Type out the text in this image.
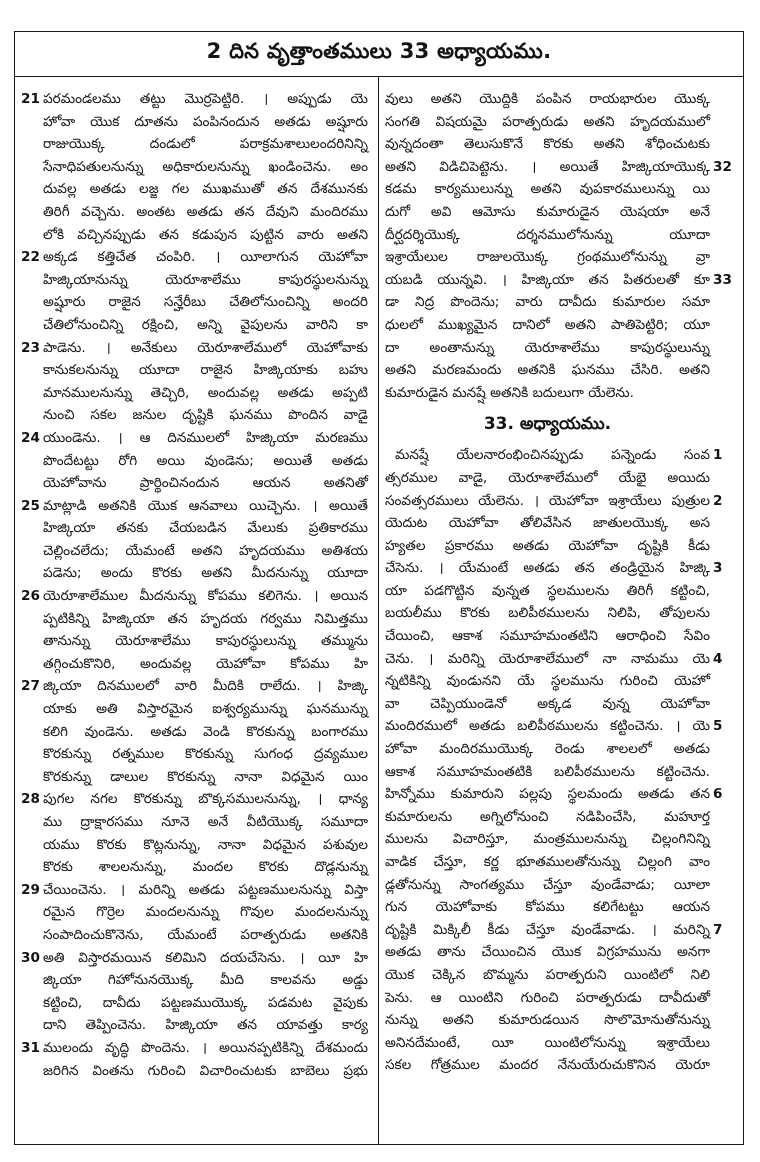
2 దిన వృత్తాంతములు 33 అధ్యాయము.
21 పరమండలము తట్టు మొర్రపెట్టిరి. । అప్పుడు యె
హోవా యొక దూతను పంపినందున అతడు అష్షూరు
రాజుయొక్క దండులో పరాక్రమశాలులందరినిన్ని
సేనాధిపతులనున్ను అధికారులనున్ను ఖండించెను. అం
దువల్ల అతడు లజ్జ గల ముఖముతో తన దేశమునకు
తిరిగీ వచ్చెను. అంతట అతడు తన దేవుని మందిరము
లోకి వచ్చినప్పుడు తన కడుపున పుట్టిన వారు అతని
22 అక్కడ కత్తిచేత చంపిరి. । యీలాగున యెహోవా
హిజ్కియానున్ను యెరూశాలేము కాపురస్థులనున్ను
అష్షూరు రాజైన సన్హేరీబు చేతిలోనుంచిన్ని అందరి
చేతిలోనుంచిన్ని రక్షించి, అన్ని వైపులను వారిని కా
23 పాడెను. । అనేకులు యెరూశాలేములో యెహోవాకు
కానుకలనున్ను యూదా రాజైన హిజ్కియాకు బహు
మానములనున్ను తెచ్చిరి, అందువల్ల అతడు అప్పటి
నుంచి సకల జనుల దృష్టికి ఘనము పొందిన వాడై
24 యుండెను. । ఆ దినములలో హిజ్కియా మరణము
పొందేటట్టు రోగి అయి వుండెను; అయితే అతడు
యెహోవాను ప్రార్థించినందున ఆయన అతనితో
25 మాట్లాడి అతనికి యొక ఆనవాలు యిచ్చెను. । అయితే
హిజ్కియా తనకు చేయబడిన మేలుకు ప్రతికారము
చెల్లించలేదు; యేమంటే అతని హృదయము అతిశయ
పడెను; అందు కొరకు అతని మీదనున్ను యూదా
26 యెరూశాలేముల మీదనున్ను కోపము కలిగెను. । అయిన
ప్పటికిన్ని హిజ్కియా తన హృదయ గర్వము నిమిత్తము
తానున్ను యెరూశాలేము కాపురస్థులున్ను తమ్మును
తగ్గించుకొనిరి, అందువల్ల యెహోవా కోపము హి
27 జ్కియా దినములలో వారి మీదికి రాలేదు. । హిజ్కి
యాకు అతి విస్తారమైన ఐశ్వర్యమున్ను ఘనమున్ను
కలిగి వుండెను. అతడు వెండి కొరకున్ను బంగారము
కొరకున్ను రత్నముల కొరకున్ను సుగంధ ద్రవ్యముల
కొరకున్ను డాలుల కొరకున్ను నానా విధమైన యిం
28 పుగల నగల కొరకున్ను బొక్కసములనున్ను, । ధాన్య
ము ద్రాక్షారసము నూనె అనే వీటియొక్క సమూదా
యము కొరకు కొట్లనున్ను, నానా విధమైన పశువుల
కొరకు శాలలనున్ను, మందల కొరకు దొడ్లనున్ను
29 చేయించెను. । మరిన్ని అతడు పట్టణములనున్ను విస్తా
రమైన గొర్రెల మందలనున్ను గొవుల మందలనున్ను
సంపాదించుకొనెను, యేమంటే పరాత్పరుడు అతనికి
30 అతి విస్తారమయిన కలిమిని దయచేసెను. । యీ హి
జ్కియా గిహోనునయొక్క మీది కాలవను అడ్డు
కట్టించి, దావీదు పట్టణముయొక్క పడమట వైపుకు
దాని తెప్పించెను. హిజ్కియా తన యావత్తు కార్య
31 ములందు వృద్ధి పొందెను. । అయినప్పటికిన్ని దేశమందు
జరిగిన వింతను గురించి విచారించుటకు బాబెలు ప్రభు
వులు అతని యొద్దికి పంపిన రాయభారుల యొక్క
సంగతి విషయమై పరాత్పరుడు అతని హృదయములో
వున్నదంతా తెలుసుకొనే కొరకు అతని శోధించుటకు
32
అతని విడిచిపెట్టెను. । అయితే హిజ్కియాయొక్క
కడమ కార్యములున్ను అతని వుపకారములున్ను యి
దుగో అవి ఆమోసు కుమారుడైన యెషయా అనే
దీర్ఘదర్శియొక్క దర్శనములోనున్ను యూదా
ఇశ్రాయేలుల రాజులయొక్క గ్రంథములోనున్ను వ్రా
33
యబడి యున్నవి. । హిజ్కియా తన పితరులతో కూ
డా నిద్ర పొందెను; వారు దావీదు కుమారుల సమా
ధులలో ముఖ్యమైన దానిలో అతని పాతిపెట్టిరి; యూ
దా అంతానున్ను యెరూశాలేము కాపురస్థులున్ను
అతని మరణమందు అతనికి ఘనము చేసిరి. అతని
కుమారుడైన మనష్షే అతనికి బదులుగా యేలెను.
33. అధ్యాయము.
1
మనష్షే యేలనారంభించినప్పుడు పన్నెండు సంవ
త్సరముల వాడై, యెరూశాలేములో యేభై అయిదు
2
సంవత్సరములు యేలెను. । యెహోవా ఇశ్రాయేలు పుత్రుల
యెదుట యెహోవా తోలివేసిన జాతులయొక్క అస
హ్యతల ప్రకారము అతడు యెహోవా దృష్టికి కీడు
3
చేసెను. । యేమంటే అతడు తన తండ్రియైన హిజ్కి
యా పడగొట్టిన వున్నత స్థలములను తిరిగీ కట్టించి,
బయలీము కొరకు బలిపీఠములను నిలిపి, తోపులను
చేయించి, ఆకాశ సమూహమంతటిని ఆరాధించి సేవిం
4
చెను. । మరిన్ని యెరూశాలేములో నా నామము యె
న్నటికిన్ని వుండునని యే స్థలమును గురించి యెహో
వా చెప్పియుండెనో అక్కడ వున్న యెహోవా
5
మందిరములో అతడు బలిపీఠములను కట్టించెను. । యె
హోవా మందిరముయొక్క రెండు శాలలలో అతడు
ఆకాశ సమూహమంతటికి బలిపీఠములను కట్టించెను.
6
హిన్నోము కుమారుని పల్లపు స్థలమందు అతడు తన
కుమారులను అగ్నిలోనుంచి నడిపించేసి, మహూర్త
ములను విచారిస్తూ, మంత్రములనున్ను చిల్లంగినిన్ని
వాడిక చేస్తూ, కర్ణ భూతములతోనున్ను చిల్లంగి వాం
డ్లతోనున్ను సాంగత్యము చేస్తూ వుండేవాడు; యీలా
గున యెహోవాకు కోపము కలిగేటట్టు ఆయన
7
దృష్టికి మిక్కిలీ కీడు చేస్తూ వుండేవాడు. । మరిన్ని
అతడు తాను చేయించిన యొక విగ్రహమును అనగా
యొక చెక్కిన బొమ్మను పరాత్పరుని యింటిలో నిలి
పెను. ఆ యింటిని గురించి పరాత్పరుడు దావీదుతో
నున్ను అతని కుమారుడయిన సొలొమోనుతోనున్ను
అనినదేమంటే, యీ యింటిలోనున్ను ఇశ్రాయేలు
సకల గోత్రముల మందర నేనుయేరుచుకొనిన యెరూ
